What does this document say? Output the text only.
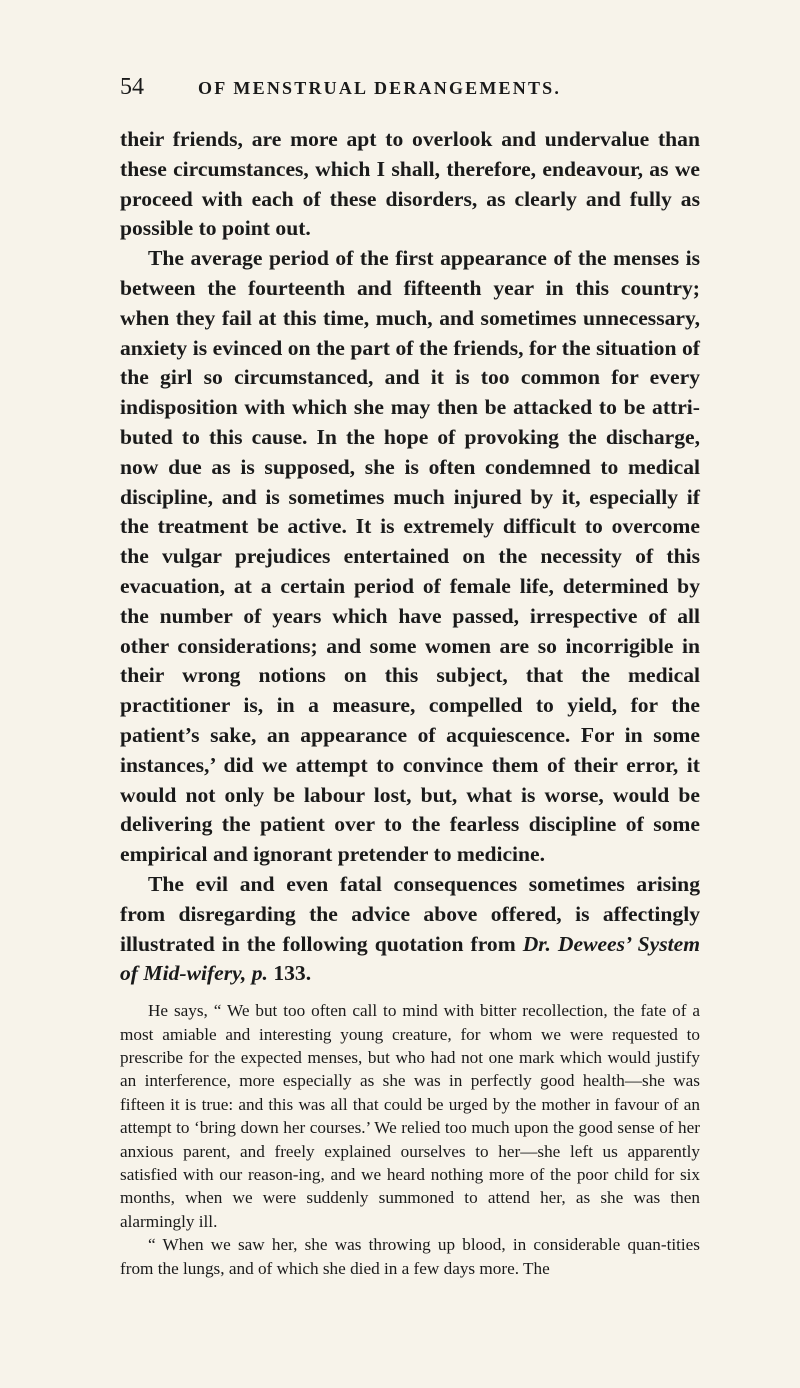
54	OF MENSTRUAL DERANGEMENTS.

their friends, are more apt to overlook and undervalue than these circumstances, which I shall, therefore, endeavour, as we proceed with each of these disorders, as clearly and fully as possible to point out.

The average period of the first appearance of the menses is between the fourteenth and fifteenth year in this country; when they fail at this time, much, and sometimes unnecessary, anxiety is evinced on the part of the friends, for the situation of the girl so circumstanced, and it is too common for every indisposition with which she may then be attacked to be attri-buted to this cause. In the hope of provoking the discharge, now due as is supposed, she is often condemned to medical discipline, and is sometimes much injured by it, especially if the treatment be active. It is extremely difficult to overcome the vulgar prejudices entertained on the necessity of this evacuation, at a certain period of female life, determined by the number of years which have passed, irrespective of all other considerations; and some women are so incorrigible in their wrong notions on this subject, that the medical practitioner is, in a measure, compelled to yield, for the patient’s sake, an appearance of acquiescence. For in some instances,’ did we attempt to convince them of their error, it would not only be labour lost, but, what is worse, would be delivering the patient over to the fearless discipline of some empirical and ignorant pretender to medicine.

The evil and even fatal consequences sometimes arising from disregarding the advice above offered, is affectingly illustrated in the following quotation from Dr. Dewees’ System of Mid-wifery, p. 133.

He says, “ We but too often call to mind with bitter recollection, the fate of a most amiable and interesting young creature, for whom we were requested to prescribe for the expected menses, but who had not one mark which would justify an interference, more especially as she was in perfectly good health—she was fifteen it is true: and this was all that could be urged by the mother in favour of an attempt to ‘bring down her courses.’ We relied too much upon the good sense of her anxious parent, and freely explained ourselves to her—she left us apparently satisfied with our reason-ing, and we heard nothing more of the poor child for six months, when we were suddenly summoned to attend her, as she was then alarmingly ill.

“ When we saw her, she was throwing up blood, in considerable quan-tities from the lungs, and of which she died in a few days more. The
